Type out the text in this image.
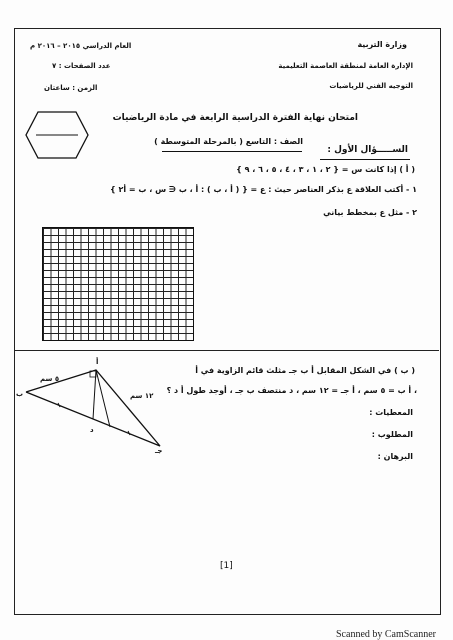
وزارة التربية
الإدارة العامة لمنطقة العاصمة التعليمية
التوجيه الفني للرياضيات
العام الدراسي ٢٠١٥ – ٢٠١٦ م
عدد الصفحات : ٧
الزمن : ساعتان
امتحان نهاية الفترة الدراسية الرابعة في مادة الرياضيات
الصف : التاسع ( بالمرحلة المتوسطة )
الســـــؤال الأول :
( أ ) إذا كانت س = { ٢ ، ١ ، ٣ ، ٤ ، ٥ ، ٦ ، ٩ }
١ - أكتب العلاقة ع بذكر العناصر حيث : ع = { ( أ ، ب ) : أ ، ب ∈ س ، ب = أ٢ }
٢ - مثل ع بمخطط بياني
( ب ) في الشكل المقابل أ ب جـ مثلث قائم الزاوية في أ
، أ ب = ٥ سم ، أ جـ = ١٢ سم ، د منتصف ب جـ ، أوجد طول أ د ؟
المعطيات :
المطلوب :
البرهان :
أ
ب
جـ
د
٥ سم
١٢ سم
[1]
Scanned by CamScanner
